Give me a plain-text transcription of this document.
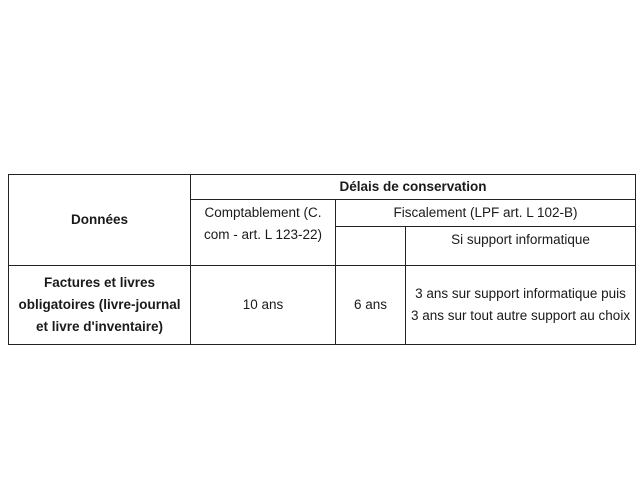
Données	Délais de conservation		
	Comptablement (C. com - art. L 123-22)	Fiscalement (LPF art. L 102-B)	
			Si support informatique
Factures et livres obligatoires (livre-journal et livre d'inventaire)	10 ans	6 ans	3 ans sur support informatique puis 3 ans sur tout autre support au choix
